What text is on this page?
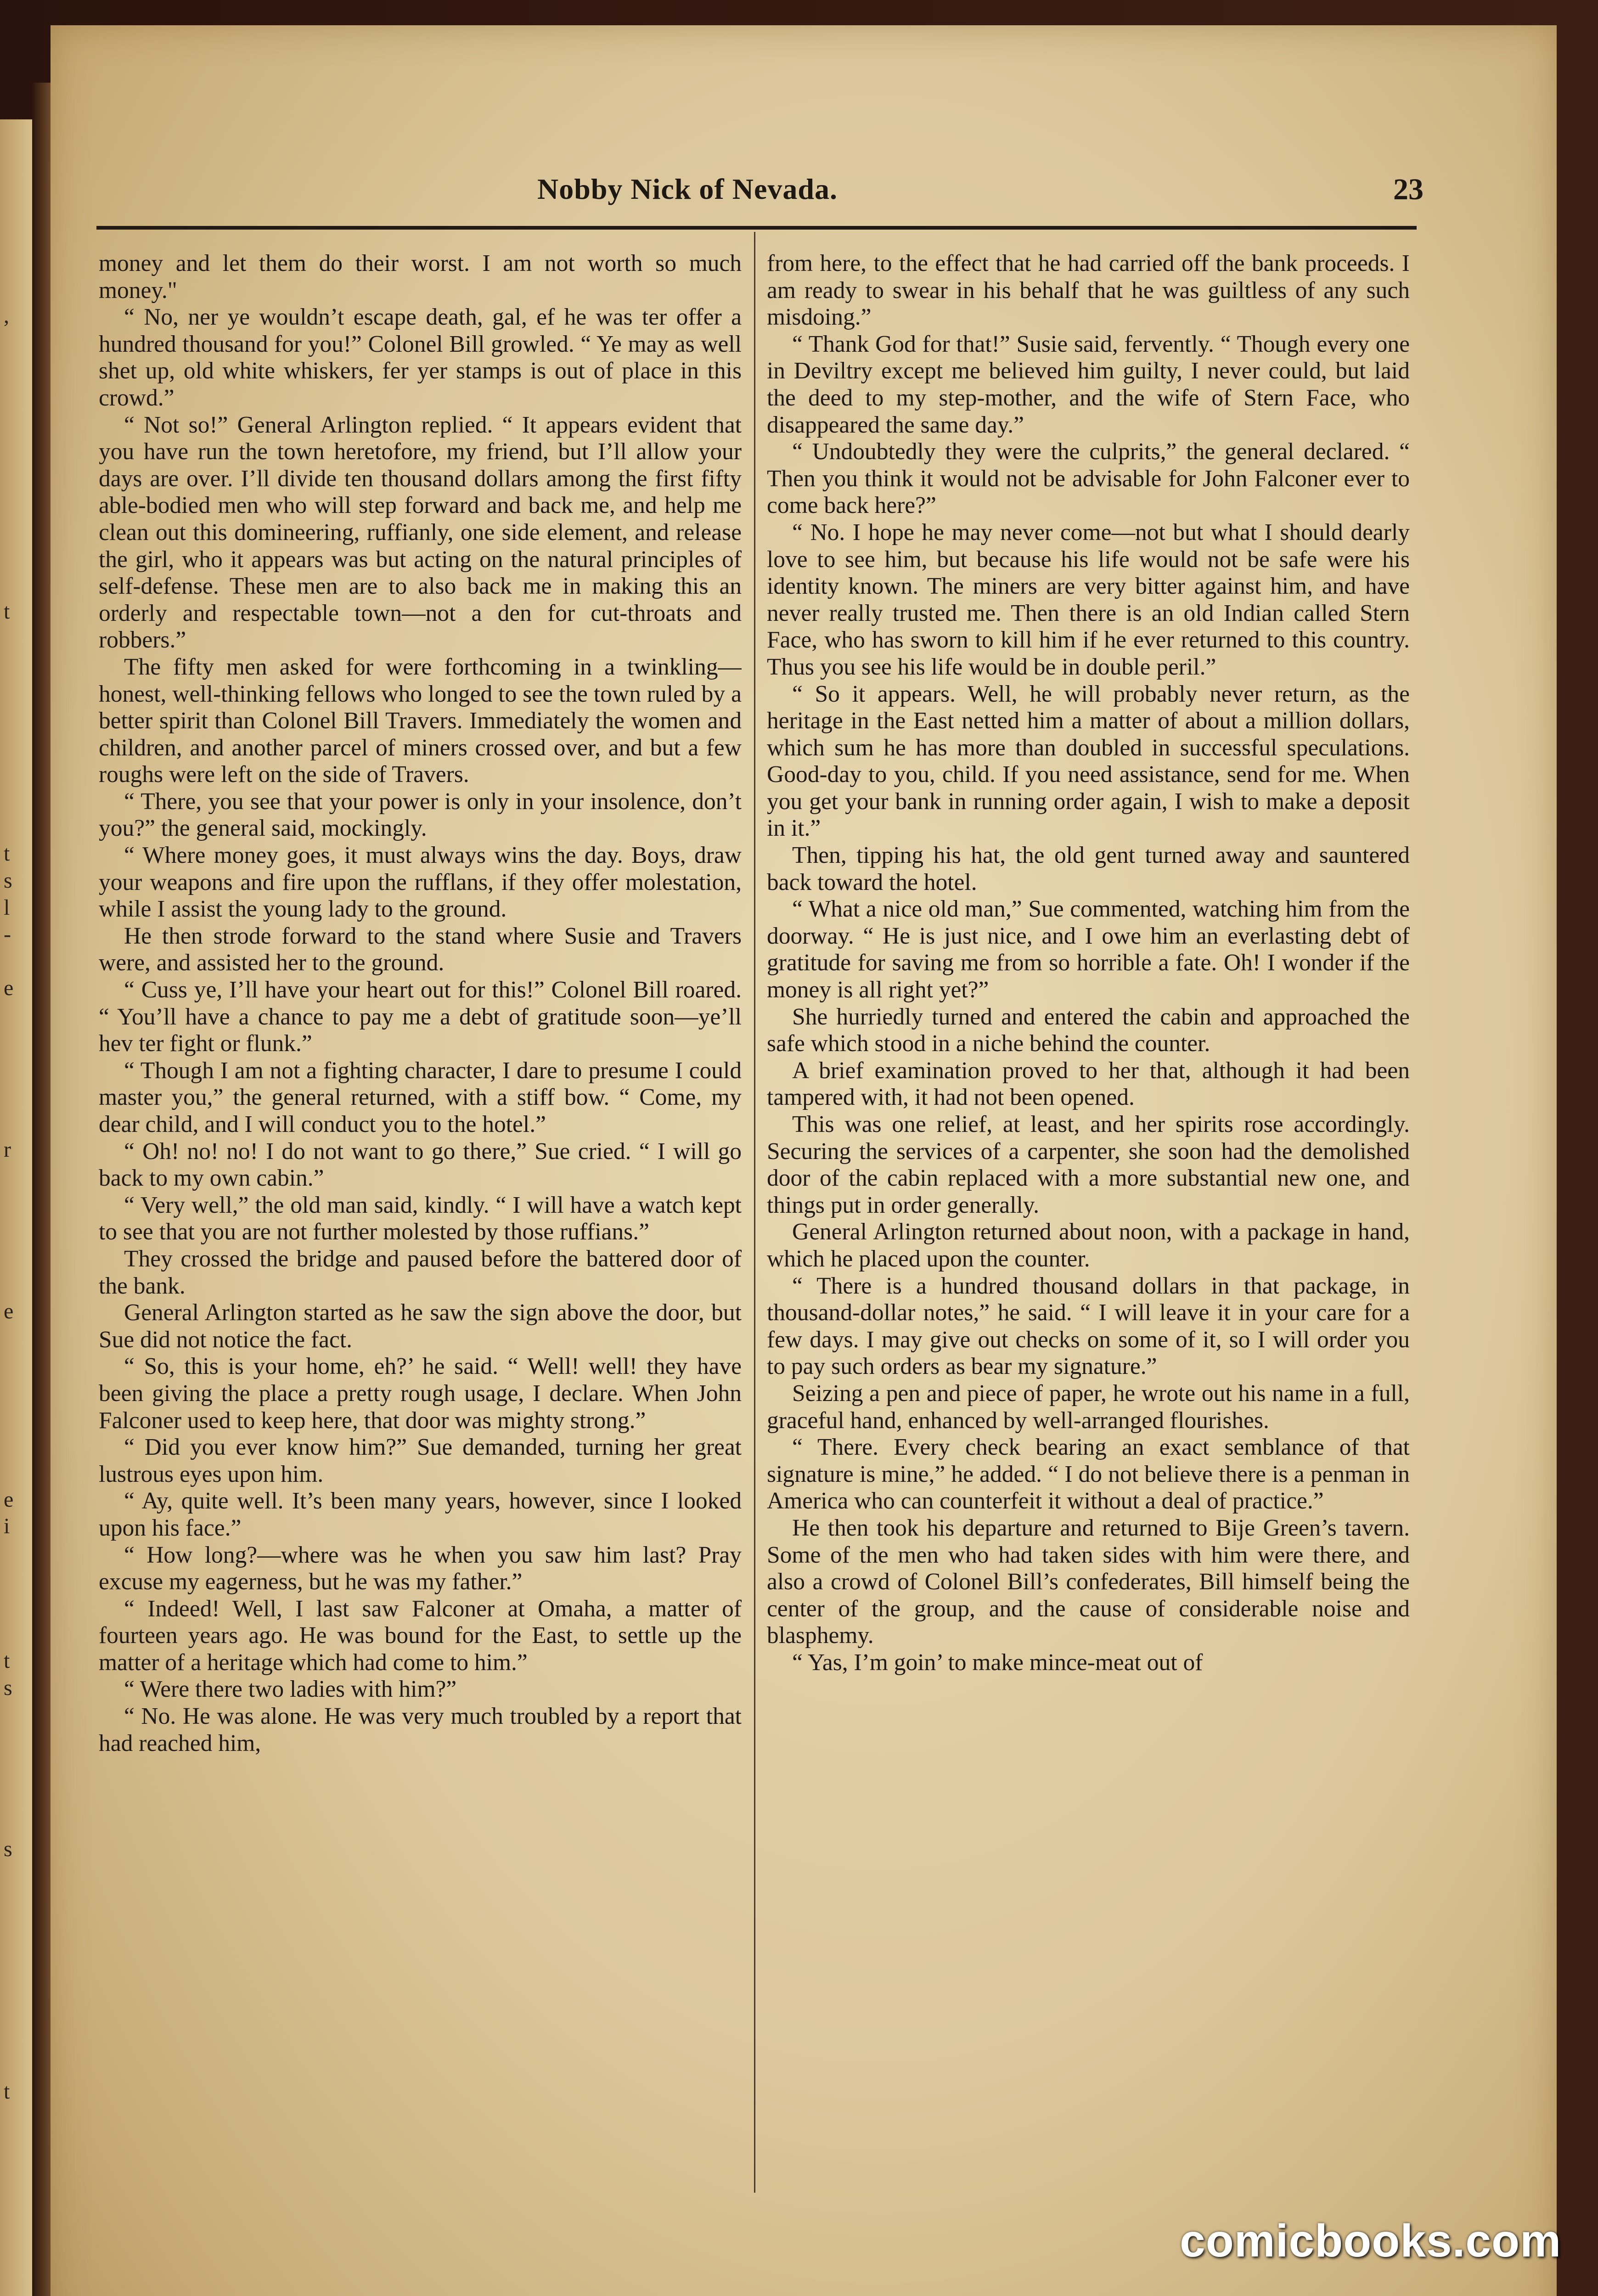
,
t
t
s
l
-
e
r
e
e
i
t
s
s
t
Nobby Nick of Nevada.	23

money and let them do their worst. I am not worth so much money."

“ No, ner ye wouldn’t escape death, gal, ef he was ter offer a hundred thousand for you!” Colonel Bill growled. “ Ye may as well shet up, old white whiskers, fer yer stamps is out of place in this crowd.”

“ Not so!” General Arlington replied. “ It appears evident that you have run the town heretofore, my friend, but I’ll allow your days are over. I’ll divide ten thousand dollars among the first fifty able-bodied men who will step forward and back me, and help me clean out this domineering, ruffianly, one side element, and release the girl, who it appears was but acting on the natural principles of self-defense. These men are to also back me in making this an orderly and respectable town—not a den for cut-throats and robbers.”

The fifty men asked for were forthcoming in a twinkling—honest, well-thinking fellows who longed to see the town ruled by a better spirit than Colonel Bill Travers. Immediately the women and children, and another parcel of miners crossed over, and but a few roughs were left on the side of Travers.

“ There, you see that your power is only in your insolence, don’t you?” the general said, mockingly.

“ Where money goes, it must always wins the day. Boys, draw your weapons and fire upon the rufflans, if they offer molestation, while I assist the young lady to the ground.

He then strode forward to the stand where Susie and Travers were, and assisted her to the ground.

“ Cuss ye, I’ll have your heart out for this!” Colonel Bill roared. “ You’ll have a chance to pay me a debt of gratitude soon—ye’ll hev ter fight or flunk.”

“ Though I am not a fighting character, I dare to presume I could master you,” the general returned, with a stiff bow. “ Come, my dear child, and I will conduct you to the hotel.”

“ Oh! no! no! I do not want to go there,” Sue cried. “ I will go back to my own cabin.”

“ Very well,” the old man said, kindly. “ I will have a watch kept to see that you are not further molested by those ruffians.”

They crossed the bridge and paused before the battered door of the bank.

General Arlington started as he saw the sign above the door, but Sue did not notice the fact.

“ So, this is your home, eh?’ he said. “ Well! well! they have been giving the place a pretty rough usage, I declare. When John Falconer used to keep here, that door was mighty strong.”

“ Did you ever know him?” Sue demanded, turning her great lustrous eyes upon him.

“ Ay, quite well. It’s been many years, however, since I looked upon his face.”

“ How long?—where was he when you saw him last? Pray excuse my eagerness, but he was my father.”

“ Indeed! Well, I last saw Falconer at Omaha, a matter of fourteen years ago. He was bound for the East, to settle up the matter of a heritage which had come to him.”

“ Were there two ladies with him?”

“ No. He was alone. He was very much troubled by a report that had reached him,

from here, to the effect that he had carried off the bank proceeds. I am ready to swear in his behalf that he was guiltless of any such misdoing.”

“ Thank God for that!” Susie said, fervently. “ Though every one in Deviltry except me believed him guilty, I never could, but laid the deed to my step-mother, and the wife of Stern Face, who disappeared the same day.”

“ Undoubtedly they were the culprits,” the general declared. “ Then you think it would not be advisable for John Falconer ever to come back here?”

“ No. I hope he may never come—not but what I should dearly love to see him, but because his life would not be safe were his identity known. The miners are very bitter against him, and have never really trusted me. Then there is an old Indian called Stern Face, who has sworn to kill him if he ever returned to this country. Thus you see his life would be in double peril.”

“ So it appears. Well, he will probably never return, as the heritage in the East netted him a matter of about a million dollars, which sum he has more than doubled in successful speculations. Good-day to you, child. If you need assistance, send for me. When you get your bank in running order again, I wish to make a deposit in it.”

Then, tipping his hat, the old gent turned away and sauntered back toward the hotel.

“ What a nice old man,” Sue commented, watching him from the doorway. “ He is just nice, and I owe him an everlasting debt of gratitude for saving me from so horrible a fate. Oh! I wonder if the money is all right yet?”

She hurriedly turned and entered the cabin and approached the safe which stood in a niche behind the counter.

A brief examination proved to her that, although it had been tampered with, it had not been opened.

This was one relief, at least, and her spirits rose accordingly. Securing the services of a carpenter, she soon had the demolished door of the cabin replaced with a more substantial new one, and things put in order generally.

General Arlington returned about noon, with a package in hand, which he placed upon the counter.

“ There is a hundred thousand dollars in that package, in thousand-dollar notes,” he said. “ I will leave it in your care for a few days. I may give out checks on some of it, so I will order you to pay such orders as bear my signature.”

Seizing a pen and piece of paper, he wrote out his name in a full, graceful hand, enhanced by well-arranged flourishes.

“ There. Every check bearing an exact semblance of that signature is mine,” he added. “ I do not believe there is a penman in America who can counterfeit it without a deal of practice.”

He then took his departure and returned to Bije Green’s tavern. Some of the men who had taken sides with him were there, and also a crowd of Colonel Bill’s confederates, Bill himself being the center of the group, and the cause of considerable noise and blasphemy.

“ Yas, I’m goin’ to make mince-meat out of

comicbooks.com
